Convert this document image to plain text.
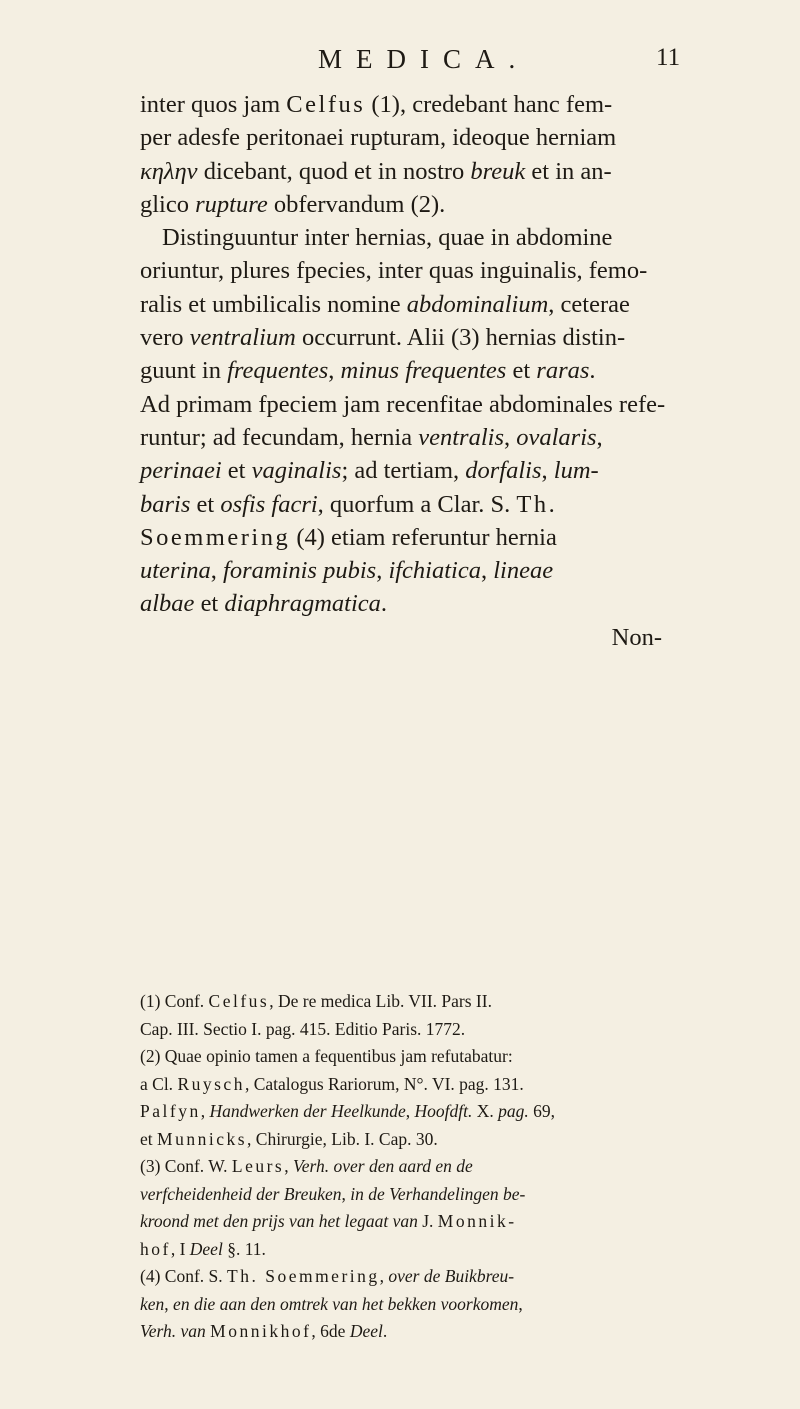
MEDICA.	11

inter quos jam Celfus (1), credebant hanc fem-
per adesfe peritonaei rupturam, ideoque herniam
κηλην dicebant, quod et in nostro breuk et in an-
glico rupture obfervandum (2).

Distinguuntur inter hernias, quae in abdomine
oriuntur, plures fpecies, inter quas inguinalis, femo-
ralis et umbilicalis nomine abdominalium, ceterae
vero ventralium occurrunt. Alii (3) hernias distin-
guunt in frequentes, minus frequentes et raras.
Ad primam fpeciem jam recenfitae abdominales refe-
runtur; ad fecundam, hernia ventralis, ovalaris,
perinaei et vaginalis; ad tertiam, dorfalis, lum-
baris et osfis facri, quorfum a Clar. S. Th.
Soemmering (4) etiam referuntur hernia
uterina, foraminis pubis, ifchiatica, lineae
albae et diaphragmatica.
Non-

(1) Conf. Celfus, De re medica Lib. VII. Pars II.
Cap. III. Sectio I. pag. 415. Editio Paris. 1772.

(2) Quae opinio tamen a fequentibus jam refutabatur:
a Cl. Ruysch, Catalogus Rariorum, N°. VI. pag. 131.
Palfyn, Handwerken der Heelkunde, Hoofdft. X. pag. 69,
et Munnicks, Chirurgie, Lib. I. Cap. 30.

(3) Conf. W. Leurs, Verh. over den aard en de
verfcheidenheid der Breuken, in de Verhandelingen be-
kroond met den prijs van het legaat van J. Monnik-
hof, I Deel §. 11.

(4) Conf. S. Th. Soemmering, over de Buikbreu-
ken, en die aan den omtrek van het bekken voorkomen,
Verh. van Monnikhof, 6de Deel.
